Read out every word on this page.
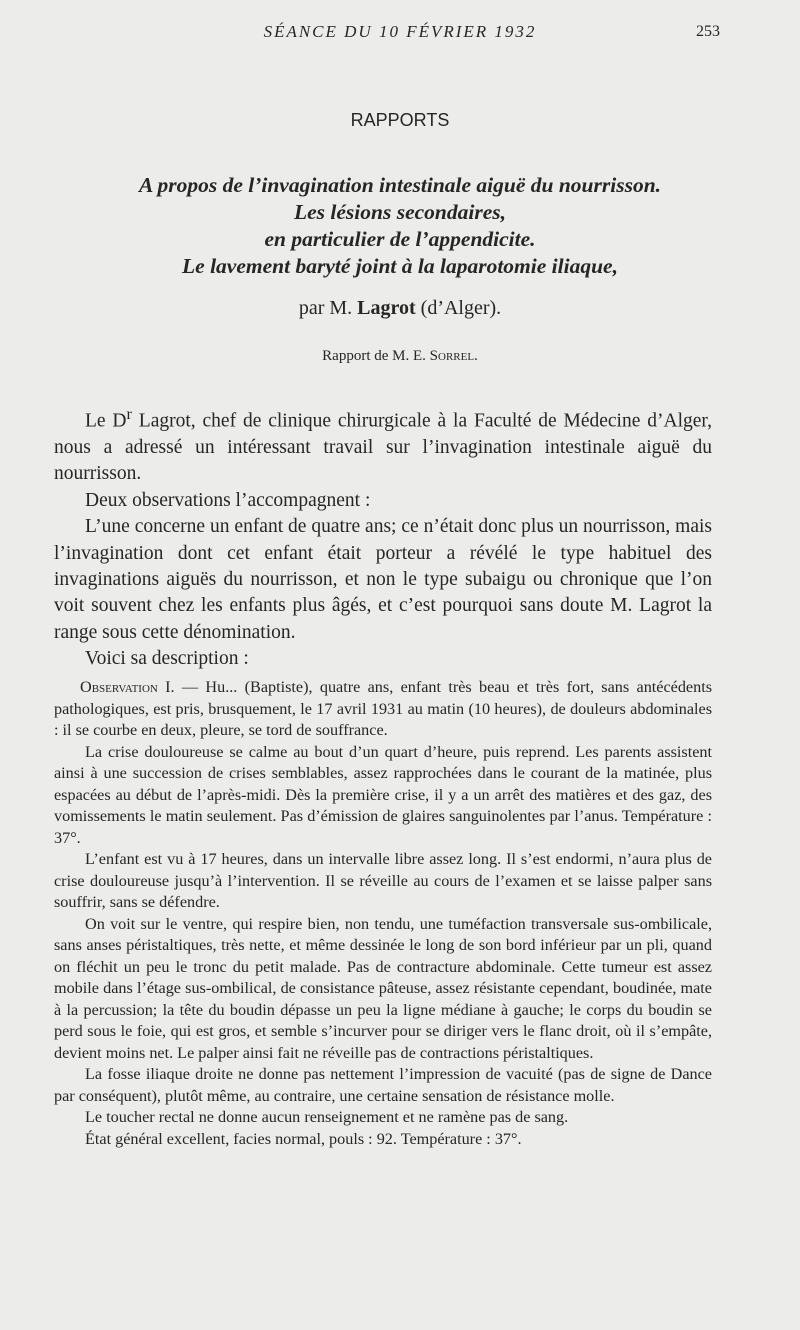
SÉANCE DU 10 FÉVRIER 1932	253
RAPPORTS
A propos de l’invagination intestinale aiguë du nourrisson.
Les lésions secondaires,
en particulier de l’appendicite.
Le lavement baryté joint à la laparotomie iliaque,
par M. Lagrot (d’Alger).
Rapport de M. E. Sorrel.

Le $D^r$ Lagrot, chef de clinique chirurgicale à la Faculté de Médecine d’Alger, nous a adressé un intéressant travail sur l’invagination intestinale aiguë du nourrisson.

Deux observations l’accompagnent :

L’une concerne un enfant de quatre ans; ce n’était donc plus un nourrisson, mais l’invagination dont cet enfant était porteur a révélé le type habituel des invaginations aiguës du nourrisson, et non le type subaigu ou chronique que l’on voit souvent chez les enfants plus âgés, et c’est pourquoi sans doute M. Lagrot la range sous cette dénomination.

Voici sa description :

Observation I. — Hu... (Baptiste), quatre ans, enfant très beau et très fort, sans antécédents pathologiques, est pris, brusquement, le 17 avril 1931 au matin (10 heures), de douleurs abdominales : il se courbe en deux, pleure, se tord de souffrance.

La crise douloureuse se calme au bout d’un quart d’heure, puis reprend. Les parents assistent ainsi à une succession de crises semblables, assez rapprochées dans le courant de la matinée, plus espacées au début de l’après-midi. Dès la première crise, il y a un arrêt des matières et des gaz, des vomissements le matin seulement. Pas d’émission de glaires sanguinolentes par l’anus. Température : 37°.

L’enfant est vu à 17 heures, dans un intervalle libre assez long. Il s’est endormi, n’aura plus de crise douloureuse jusqu’à l’intervention. Il se réveille au cours de l’examen et se laisse palper sans souffrir, sans se défendre.

On voit sur le ventre, qui respire bien, non tendu, une tuméfaction transversale sus-ombilicale, sans anses péristaltiques, très nette, et même dessinée le long de son bord inférieur par un pli, quand on fléchit un peu le tronc du petit malade. Pas de contracture abdominale. Cette tumeur est assez mobile dans l’étage sus-ombilical, de consistance pâteuse, assez résistante cependant, boudinée, mate à la percussion; la tête du boudin dépasse un peu la ligne médiane à gauche; le corps du boudin se perd sous le foie, qui est gros, et semble s’incurver pour se diriger vers le flanc droit, où il s’empâte, devient moins net. Le palper ainsi fait ne réveille pas de contractions péristaltiques.

La fosse iliaque droite ne donne pas nettement l’impression de vacuité (pas de signe de Dance par conséquent), plutôt même, au contraire, une certaine sensation de résistance molle.

Le toucher rectal ne donne aucun renseignement et ne ramène pas de sang.

État général excellent, facies normal, pouls : 92. Température : 37°.
